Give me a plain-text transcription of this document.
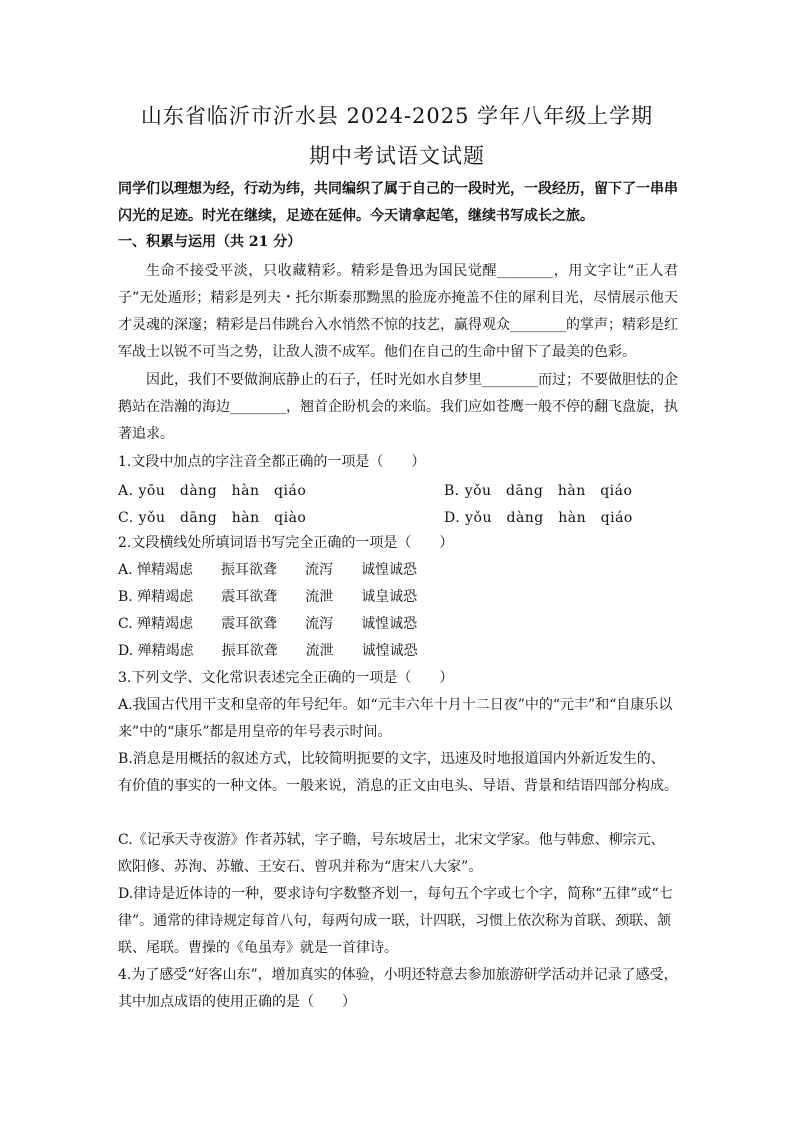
山东省临沂市沂水县 2024-2025 学年八年级上学期
期中考试语文试题
同学们以理想为经，行动为纬，共同编织了属于自己的一段时光，一段经历，留下了一串串闪光的足迹。时光在继续，足迹在延伸。今天请拿起笔，继续书写成长之旅。
一、积累与运用（共 21 分）
生命不接受平淡，只收藏精彩。精彩是鲁迅为国民觉醒________，用文字让“正人君子”无处遁形；精彩是列夫・托尔斯泰那黝黑的脸庞亦掩盖不住的犀利目光，尽情展示他天才灵魂的深邃；精彩是吕伟跳台入水悄然不惊的技艺，赢得观众________的掌声；精彩是红军战士以锐不可当之势，让敌人溃不成军。他们在自己的生命中留下了最美的色彩。
因此，我们不要做涧底静止的石子，任时光如水自梦里________而过；不要做胆怯的企鹅站在浩瀚的海边________，翘首企盼机会的来临。我们应如苍鹰一般不停的翻飞盘旋，执著追求。
1.文段中加点的字注音全都正确的一项是（　　）
A. yōu　dàng　hàn　qiáo	B. yǒu　dāng　hàn　qiáo
C. yǒu　dāng　hàn　qiào	D. yǒu　dàng　hàn　qiáo
2.文段横线处所填词语书写完全正确的一项是（　　）
A. 惮精竭虑　　振耳欲聋　　流泻　　诚惶诚恐
B. 殚精竭虑　　震耳欲聋　　流泄　　诚皇诚恐
C. 殚精竭虑　　震耳欲聋　　流泻　　诚惶诚恐
D. 殚精竭虑　　振耳欲聋　　流泄　　诚惶诚恐
3.下列文学、文化常识表述完全正确的一项是（　　）
A.我国古代用干支和皇帝的年号纪年。如“元丰六年十月十二日夜”中的“元丰”和“自康乐以来”中的“康乐”都是用皇帝的年号表示时间。
B.消息是用概括的叙述方式，比较简明扼要的文字，迅速及时地报道国内外新近发生的、有价值的事实的一种文体。一般来说，消息的正文由电头、导语、背景和结语四部分构成。
C.《记承天寺夜游》作者苏轼，字子瞻，号东坡居士，北宋文学家。他与韩愈、柳宗元、欧阳修、苏洵、苏辙、王安石、曾巩并称为“唐宋八大家”。
D.律诗是近体诗的一种，要求诗句字数整齐划一，每句五个字或七个字，简称“五律”或“七律”。通常的律诗规定每首八句，每两句成一联，计四联，习惯上依次称为首联、颈联、颔联、尾联。曹操的《龟虽寿》就是一首律诗。
4.为了感受“好客山东”，增加真实的体验，小明还特意去参加旅游研学活动并记录了感受，其中加点成语的使用正确的是（　　）
